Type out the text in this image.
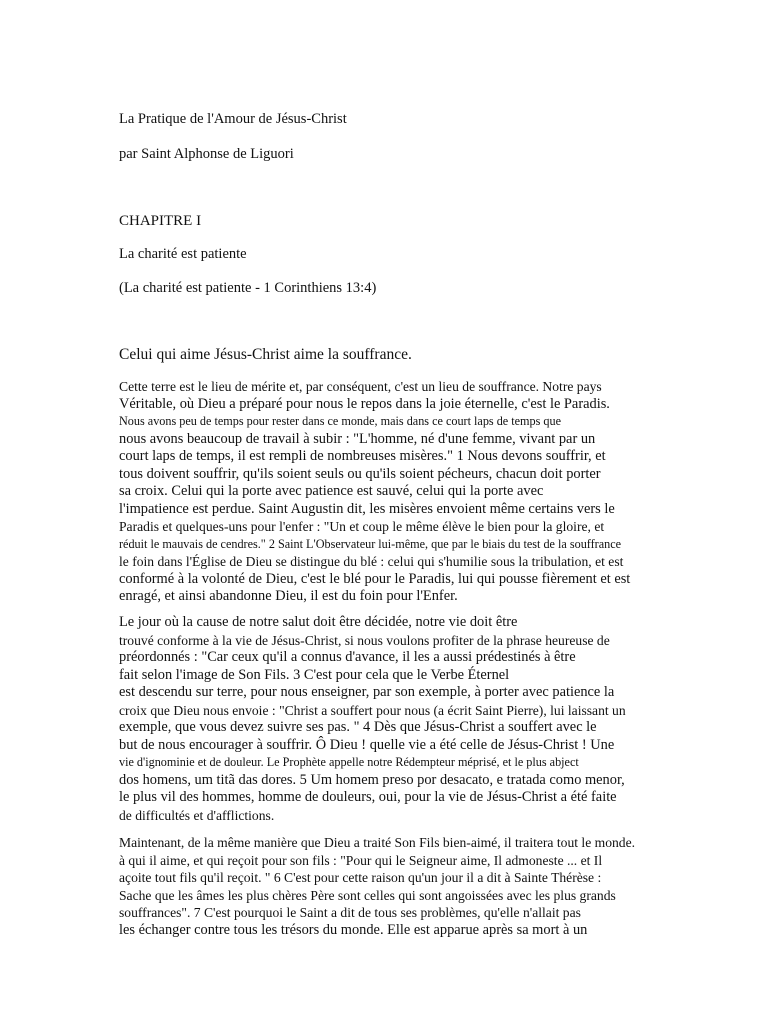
La Pratique de l'Amour de Jésus-Christ
par Saint Alphonse de Liguori
CHAPITRE I
La charité est patiente
(La charité est patiente - 1 Corinthiens 13:4)
Celui qui aime Jésus-Christ aime la souffrance.
Cette terre est le lieu de mérite et, par conséquent, c'est un lieu de souffrance. Notre pays
Véritable, où Dieu a préparé pour nous le repos dans la joie éternelle, c'est le Paradis.
Nous avons peu de temps pour rester dans ce monde, mais dans ce court laps de temps que
nous avons beaucoup de travail à subir : "L'homme, né d'une femme, vivant par un
court laps de temps, il est rempli de nombreuses misères." 1 Nous devons souffrir, et
tous doivent souffrir, qu'ils soient seuls ou qu'ils soient pécheurs, chacun doit porter
sa croix. Celui qui la porte avec patience est sauvé, celui qui la porte avec
l'impatience est perdue. Saint Augustin dit, les misères envoient même certains vers le
Paradis et quelques-uns pour l'enfer : "Un et coup le même élève le bien pour la gloire, et
réduit le mauvais de cendres." 2 Saint L'Observateur lui-même, que par le biais du test de la souffrance
le foin dans l'Église de Dieu se distingue du blé : celui qui s'humilie sous la tribulation, et est
conformé à la volonté de Dieu, c'est le blé pour le Paradis, lui qui pousse fièrement et est
enragé, et ainsi abandonne Dieu, il est du foin pour l'Enfer.
Le jour où la cause de notre salut doit être décidée, notre vie doit être
trouvé conforme à la vie de Jésus-Christ, si nous voulons profiter de la phrase heureuse de
préordonnés : "Car ceux qu'il a connus d'avance, il les a aussi prédestinés à être
fait selon l'image de Son Fils. 3 C'est pour cela que le Verbe Éternel
est descendu sur terre, pour nous enseigner, par son exemple, à porter avec patience la
croix que Dieu nous envoie : "Christ a souffert pour nous (a écrit Saint Pierre), lui laissant un
exemple, que vous devez suivre ses pas. " 4 Dès que Jésus-Christ a souffert avec le
but de nous encourager à souffrir. Ô Dieu ! quelle vie a été celle de Jésus-Christ ! Une
vie d'ignominie et de douleur. Le Prophète appelle notre Rédempteur méprisé, et le plus abject
dos homens, um titã das dores. 5 Um homem preso por desacato, e tratada como menor,
le plus vil des hommes, homme de douleurs, oui, pour la vie de Jésus-Christ a été faite
de difficultés et d'afflictions.
Maintenant, de la même manière que Dieu a traité Son Fils bien-aimé, il traitera tout le monde.
à qui il aime, et qui reçoit pour son fils : "Pour qui le Seigneur aime, Il admoneste ... et Il
açoite tout fils qu'il reçoit. " 6 C'est pour cette raison qu'un jour il a dit à Sainte Thérèse :
Sache que les âmes les plus chères Père sont celles qui sont angoissées avec les plus grands
souffrances". 7 C'est pourquoi le Saint a dit de tous ses problèmes, qu'elle n'allait pas
les échanger contre tous les trésors du monde. Elle est apparue après sa mort à un
